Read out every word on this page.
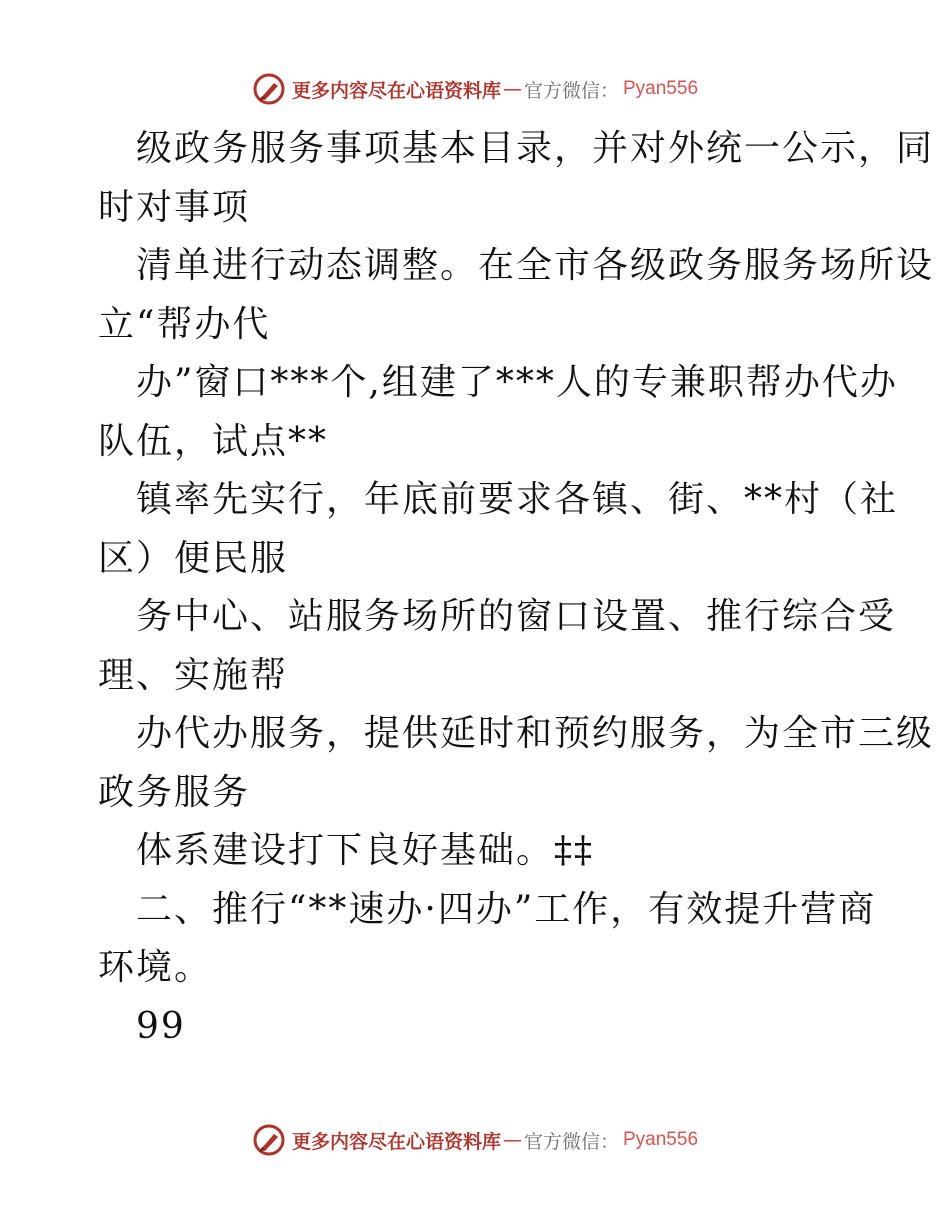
更多内容尽在心语资料库 — 官方微信： Pyan556
级政务服务事项基本目录，并对外统一公示，同
时对事项
清单进行动态调整。在全市各级政务服务场所设
立“帮办代
办”窗口***个,组建了***人的专兼职帮办代办
队伍，试点**
镇率先实行，年底前要求各镇、街、**村（社
区）便民服
务中心、站服务场所的窗口设置、推行综合受
理、实施帮
办代办服务，提供延时和预约服务，为全市三级
政务服务
体系建设打下良好基础。‡‡
二、推行“**速办·四办”工作，有效提升营商
环境。
99
更多内容尽在心语资料库 — 官方微信： Pyan556
